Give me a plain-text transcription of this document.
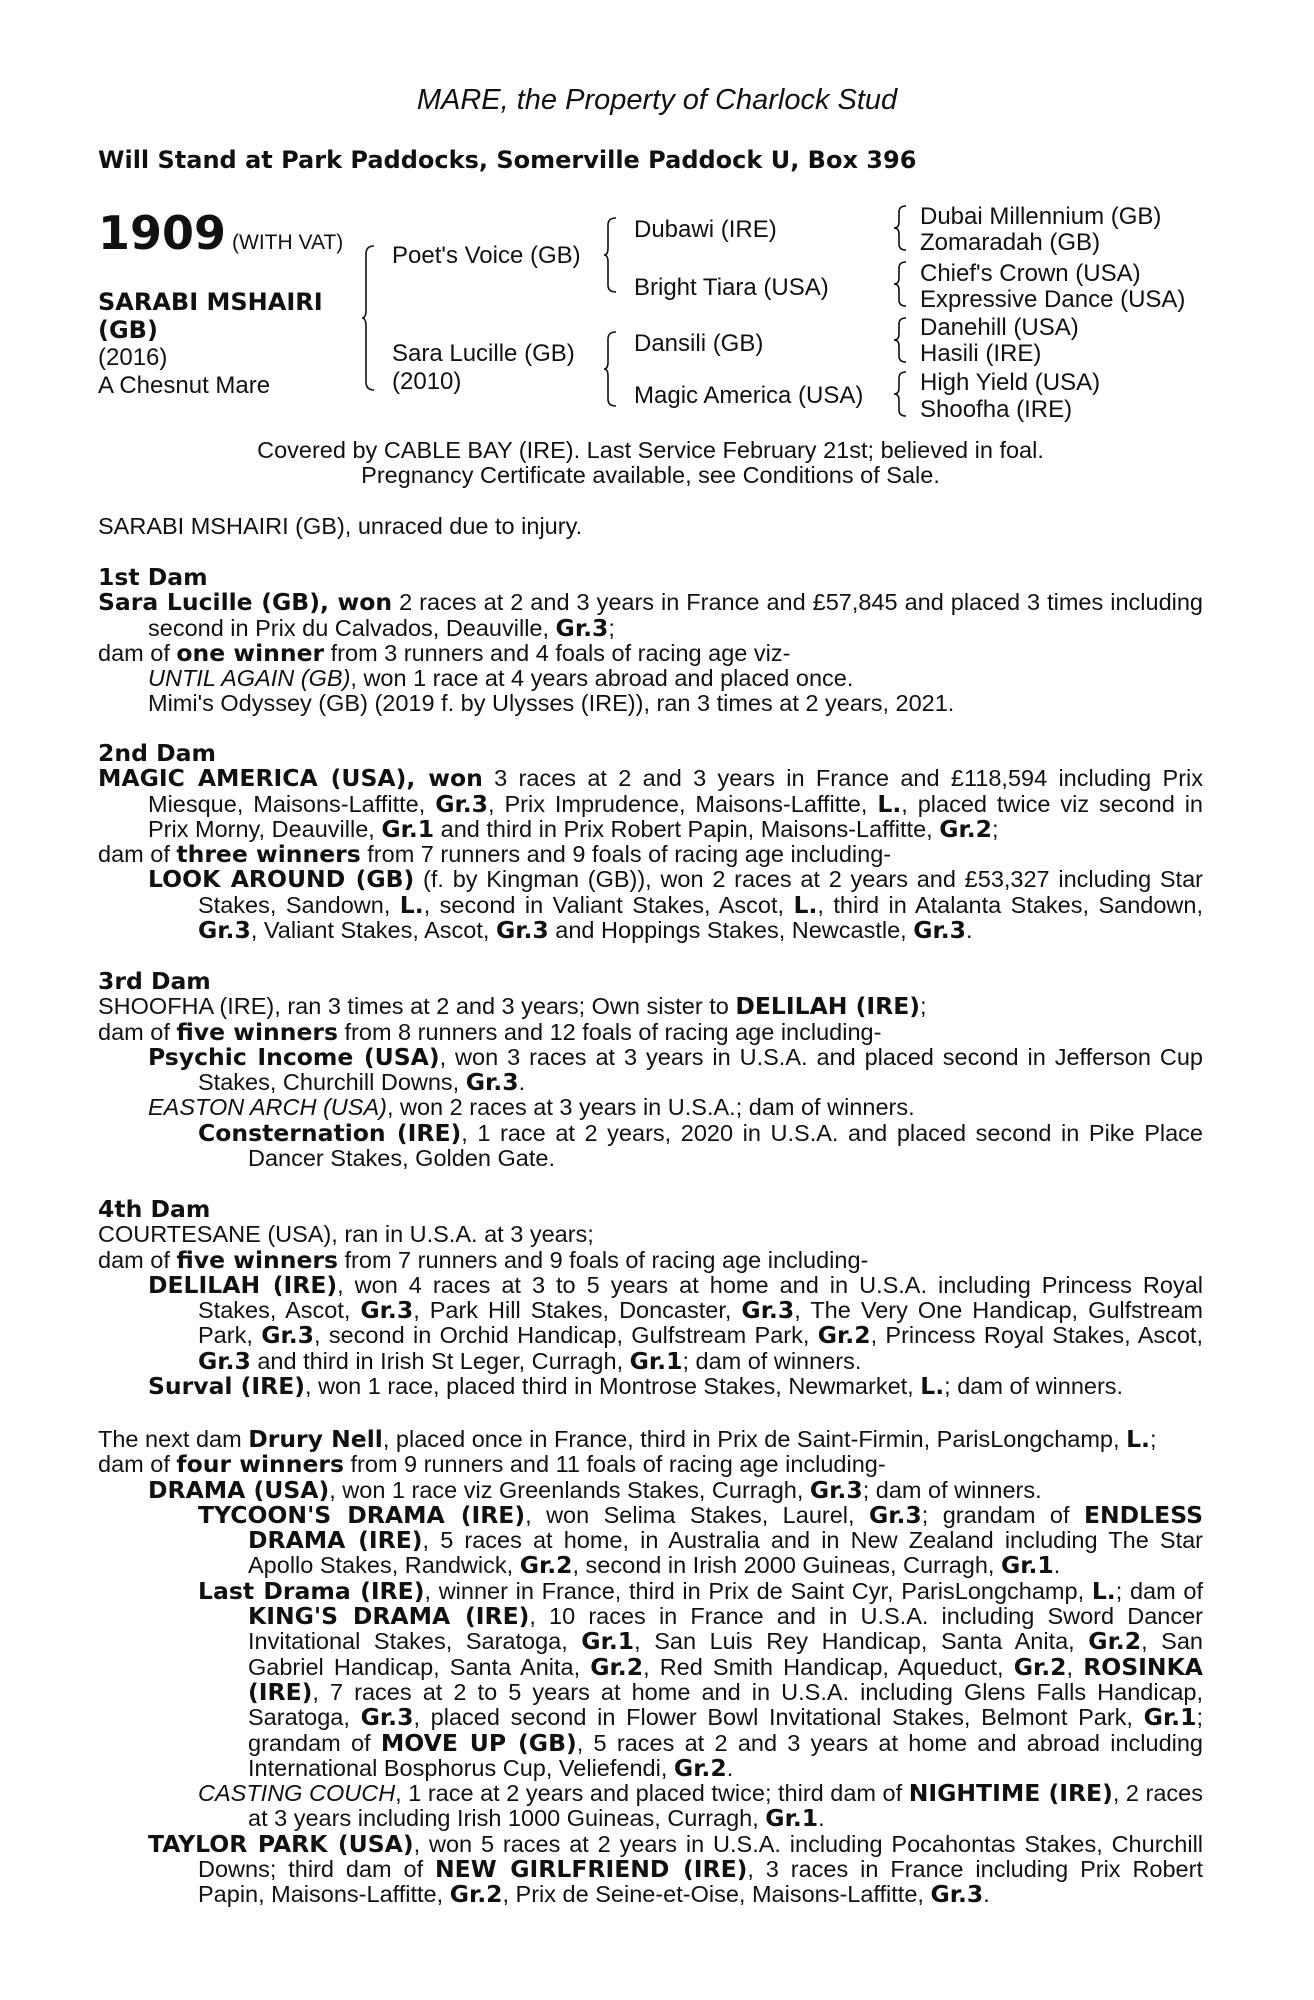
MARE, the Property of Charlock Stud
Will Stand at Park Paddocks, Somerville Paddock U, Box 396
1909 (WITH VAT)
SARABI MSHAIRI
(GB)
(2016)
A Chesnut Mare
Poet's Voice (GB)
Sara Lucille (GB)
(2010)
Dubawi (IRE)
Bright Tiara (USA)
Dansili (GB)
Magic America (USA)
Dubai Millennium (GB)
Zomaradah (GB)
Chief's Crown (USA)
Expressive Dance (USA)
Danehill (USA)
Hasili (IRE)
High Yield (USA)
Shoofha (IRE)

Covered by CABLE BAY (IRE). Last Service February 21st; believed in foal.

Pregnancy Certificate available, see Conditions of Sale.

SARABI MSHAIRI (GB), unraced due to injury.

1st Dam

Sara Lucille (GB), won 2 races at 2 and 3 years in France and £57,845 and placed 3 times including second in Prix du Calvados, Deauville, Gr.3;

dam of one winner from 3 runners and 4 foals of racing age viz-

UNTIL AGAIN (GB), won 1 race at 4 years abroad and placed once.

Mimi's Odyssey (GB) (2019 f. by Ulysses (IRE)), ran 3 times at 2 years, 2021.

2nd Dam

MAGIC AMERICA (USA), won 3 races at 2 and 3 years in France and £118,594 including Prix Miesque, Maisons-Laffitte, Gr.3, Prix Imprudence, Maisons-Laffitte, L., placed twice viz second in Prix Morny, Deauville, Gr.1 and third in Prix Robert Papin, Maisons-Laffitte, Gr.2;

dam of three winners from 7 runners and 9 foals of racing age including-

LOOK AROUND (GB) (f. by Kingman (GB)), won 2 races at 2 years and £53,327 including Star Stakes, Sandown, L., second in Valiant Stakes, Ascot, L., third in Atalanta Stakes, Sandown, Gr.3, Valiant Stakes, Ascot, Gr.3 and Hoppings Stakes, Newcastle, Gr.3.

3rd Dam

SHOOFHA (IRE), ran 3 times at 2 and 3 years; Own sister to DELILAH (IRE);

dam of five winners from 8 runners and 12 foals of racing age including-

Psychic Income (USA), won 3 races at 3 years in U.S.A. and placed second in Jefferson Cup Stakes, Churchill Downs, Gr.3.

EASTON ARCH (USA), won 2 races at 3 years in U.S.A.; dam of winners.

Consternation (IRE), 1 race at 2 years, 2020 in U.S.A. and placed second in Pike Place Dancer Stakes, Golden Gate.

4th Dam

COURTESANE (USA), ran in U.S.A. at 3 years;

dam of five winners from 7 runners and 9 foals of racing age including-

DELILAH (IRE), won 4 races at 3 to 5 years at home and in U.S.A. including Princess Royal Stakes, Ascot, Gr.3, Park Hill Stakes, Doncaster, Gr.3, The Very One Handicap, Gulfstream Park, Gr.3, second in Orchid Handicap, Gulfstream Park, Gr.2, Princess Royal Stakes, Ascot, Gr.3 and third in Irish St Leger, Curragh, Gr.1; dam of winners.

Surval (IRE), won 1 race, placed third in Montrose Stakes, Newmarket, L.; dam of winners.

The next dam Drury Nell, placed once in France, third in Prix de Saint-Firmin, ParisLongchamp, L.;

dam of four winners from 9 runners and 11 foals of racing age including-

DRAMA (USA), won 1 race viz Greenlands Stakes, Curragh, Gr.3; dam of winners.

TYCOON'S DRAMA (IRE), won Selima Stakes, Laurel, Gr.3; grandam of ENDLESS DRAMA (IRE), 5 races at home, in Australia and in New Zealand including The Star Apollo Stakes, Randwick, Gr.2, second in Irish 2000 Guineas, Curragh, Gr.1.

Last Drama (IRE), winner in France, third in Prix de Saint Cyr, ParisLongchamp, L.; dam of KING'S DRAMA (IRE), 10 races in France and in U.S.A. including Sword Dancer Invitational Stakes, Saratoga, Gr.1, San Luis Rey Handicap, Santa Anita, Gr.2, San Gabriel Handicap, Santa Anita, Gr.2, Red Smith Handicap, Aqueduct, Gr.2, ROSINKA (IRE), 7 races at 2 to 5 years at home and in U.S.A. including Glens Falls Handicap, Saratoga, Gr.3, placed second in Flower Bowl Invitational Stakes, Belmont Park, Gr.1; grandam of MOVE UP (GB), 5 races at 2 and 3 years at home and abroad including International Bosphorus Cup, Veliefendi, Gr.2.

CASTING COUCH, 1 race at 2 years and placed twice; third dam of NIGHTIME (IRE), 2 races at 3 years including Irish 1000 Guineas, Curragh, Gr.1.

TAYLOR PARK (USA), won 5 races at 2 years in U.S.A. including Pocahontas Stakes, Churchill Downs; third dam of NEW GIRLFRIEND (IRE), 3 races in France including Prix Robert Papin, Maisons-Laffitte, Gr.2, Prix de Seine-et-Oise, Maisons-Laffitte, Gr.3.
